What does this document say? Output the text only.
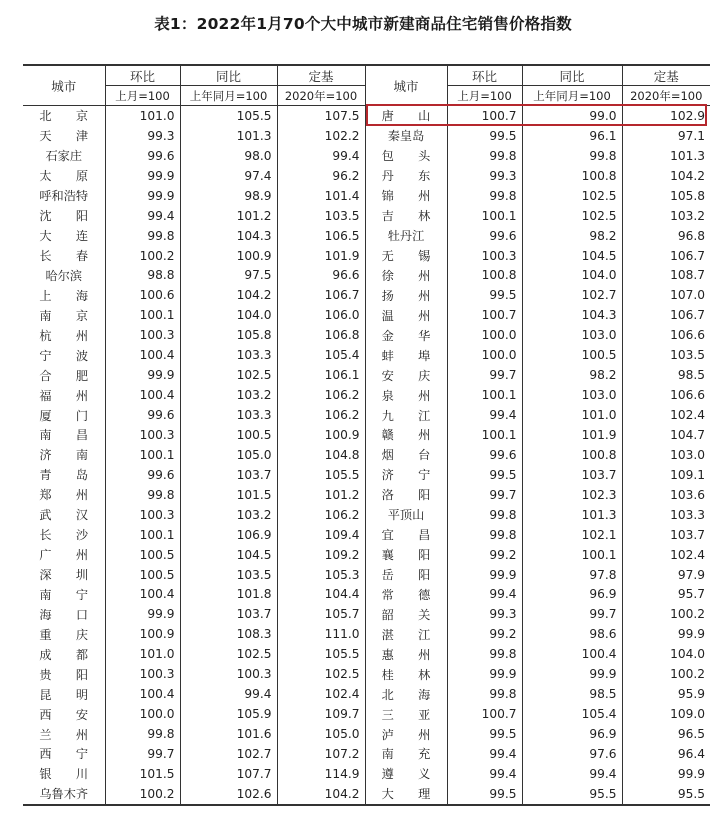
表1：2022年1月70个大中城市新建商品住宅销售价格指数
城市	环比	同比	定基	城市	环比	同比	定基
	上月=100	上年同月=100	2020年=100		上月=100	上年同月=100	2020年=100
北　　京	101.0	105.5	107.5	唐　　山	100.7	99.0	102.9
天　　津	99.3	101.3	102.2	秦皇岛	99.5	96.1	97.1
石家庄	99.6	98.0	99.4	包　　头	99.8	99.8	101.3
太　　原	99.9	97.4	96.2	丹　　东	99.3	100.8	104.2
呼和浩特	99.9	98.9	101.4	锦　　州	99.8	102.5	105.8
沈　　阳	99.4	101.2	103.5	吉　　林	100.1	102.5	103.2
大　　连	99.8	104.3	106.5	牡丹江	99.6	98.2	96.8
长　　春	100.2	100.9	101.9	无　　锡	100.3	104.5	106.7
哈尔滨	98.8	97.5	96.6	徐　　州	100.8	104.0	108.7
上　　海	100.6	104.2	106.7	扬　　州	99.5	102.7	107.0
南　　京	100.1	104.0	106.0	温　　州	100.7	104.3	106.7
杭　　州	100.3	105.8	106.8	金　　华	100.0	103.0	106.6
宁　　波	100.4	103.3	105.4	蚌　　埠	100.0	100.5	103.5
合　　肥	99.9	102.5	106.1	安　　庆	99.7	98.2	98.5
福　　州	100.4	103.2	106.2	泉　　州	100.1	103.0	106.6
厦　　门	99.6	103.3	106.2	九　　江	99.4	101.0	102.4
南　　昌	100.3	100.5	100.9	赣　　州	100.1	101.9	104.7
济　　南	100.1	105.0	104.8	烟　　台	99.6	100.8	103.0
青　　岛	99.6	103.7	105.5	济　　宁	99.5	103.7	109.1
郑　　州	99.8	101.5	101.2	洛　　阳	99.7	102.3	103.6
武　　汉	100.3	103.2	106.2	平顶山	99.8	101.3	103.3
长　　沙	100.1	106.9	109.4	宜　　昌	99.8	102.1	103.7
广　　州	100.5	104.5	109.2	襄　　阳	99.2	100.1	102.4
深　　圳	100.5	103.5	105.3	岳　　阳	99.9	97.8	97.9
南　　宁	100.4	101.8	104.4	常　　德	99.4	96.9	95.7
海　　口	99.9	103.7	105.7	韶　　关	99.3	99.7	100.2
重　　庆	100.9	108.3	111.0	湛　　江	99.2	98.6	99.9
成　　都	101.0	102.5	105.5	惠　　州	99.8	100.4	104.0
贵　　阳	100.3	100.3	102.5	桂　　林	99.9	99.9	100.2
昆　　明	100.4	99.4	102.4	北　　海	99.8	98.5	95.9
西　　安	100.0	105.9	109.7	三　　亚	100.7	105.4	109.0
兰　　州	99.8	101.6	105.0	泸　　州	99.5	96.9	96.5
西　　宁	99.7	102.7	107.2	南　　充	99.4	97.6	96.4
银　　川	101.5	107.7	114.9	遵　　义	99.4	99.4	99.9
乌鲁木齐	100.2	102.6	104.2	大　　理	99.5	95.5	95.5
